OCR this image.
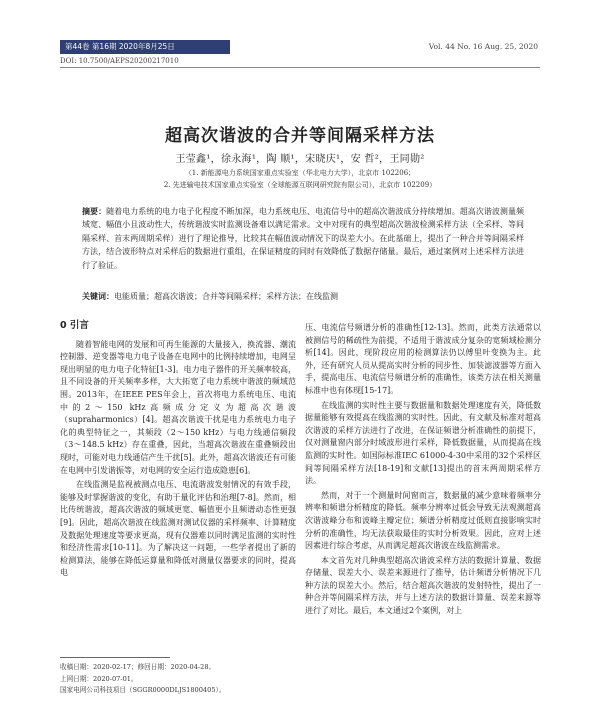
第44卷 第16期 2020年8月25日	Vol. 44 No. 16 Aug. 25, 2020
DOI: 10.7500/AEPS20200217010
超高次谐波的合并等间隔采样方法
王莹鑫¹，徐永海¹，陶 顺¹，宋晓庆¹，安 哲²，王同勋²
（1. 新能源电力系统国家重点实验室（华北电力大学），北京市 102206；
2. 先进输电技术国家重点实验室（全球能源互联网研究院有限公司），北京市 102209）
摘要：随着电力系统的电力电子化程度不断加深，电力系统电压、电流信号中的超高次谐波成分持续增加。超高次谐波测量频域宽、幅值小且波动性大，传统谐波实时监测设备难以满足需求。文中对现有的典型超高次谐波检测采样方法（全采样、等间隔采样、首末两周期采样）进行了理论推导，比较其在幅值波动情况下的误差大小。在此基础上，提出了一种合并等间隔采样方法，结合波形特点对采样后的数据进行重组，在保证精度的同时有效降低了数据存储量。最后，通过案例对上述采样方法进行了验证。
关键词：电能质量；超高次谐波；合并等间隔采样；采样方法；在线监测
0 引言

随着智能电网的发展和可再生能源的大量接入，换流器、潮流控制器、逆变器等电力电子设备在电网中的比例持续增加，电网呈现出明显的电力电子化特征[1-3]。电力电子器件的开关频率较高，且不同设备的开关频率多样，大大拓宽了电力系统中谐波的频域范围。2013年，在IEEE PES年会上，首次将电力系统电压、电流中的2～150 kHz高频成分定义为超高次谐波（supraharmonics）[4]。超高次谐波干扰是电力系统电力电子化的典型特征之一，其频段（2～150 kHz）与电力线通信频段（3～148.5 kHz）存在重叠，因此，当超高次谐波在重叠频段出现时，可能对电力线通信产生干扰[5]。此外，超高次谐波还有可能在电网中引发谐振等，对电网的安全运行造成隐患[6]。

在线监测是监视被测点电压、电流谐波发射情况的有效手段，能够及时掌握谐波的变化，有助于量化评估和治理[7-8]。然而，相比传统谐波，超高次谐波的频域更宽、幅值更小且频谱动态性更强[9]。因此，超高次谐波在线监测对测试仪器的采样频率、计算精度及数据处理速度等要求更高，现有仪器难以同时满足监测的实时性和经济性需求[10-11]。为了解决这一问题，一些学者提出了新的检测算法，能够在降低运算量和降低对测量仪器要求的同时，提高电

压、电流信号频谱分析的准确性[12-13]。然而，此类方法通常以被测信号的稀疏性为前提，不适用于谐波成分复杂的宽频域检测分析[14]。因此，现阶段应用的检测算法仍以傅里叶变换为主。此外，还有研究人员从提高实时分析的同步性、加装滤波器等方面入手，提高电压、电流信号频谱分析的准确性，该类方法在相关测量标准中也有体现[15-17]。

在线监测的实时性主要与数据量和数据处理速度有关，降低数据量能够有效提高在线监测的实时性。因此，有文献及标准对超高次谐波的采样方法进行了改进，在保证频谱分析准确性的前提下，仅对测量窗内部分时域波形进行采样，降低数据量，从而提高在线监测的实时性。如国际标准IEC 61000-4-30中采用的32个采样区间等间隔采样方法[18-19]和文献[13]提出的首末两周期采样方法。

然而，对于一个测量时间窗而言，数据量的减少意味着频率分辨率和频谱分析精度的降低。频率分辨率过低会导致无法观测超高次谐波峰分布和波峰主瓣定位；频谱分析精度过低则直接影响实时分析的准确性，均无法获取最佳的实时分析效果。因此，应对上述因素进行综合考虑，从而满足超高次谐波在线监测需求。

本文首先对几种典型超高次谐波采样方法的数据计算量、数据存储量、误差大小、误差来源进行了推导，估计频谱分析情况下几种方法的误差大小。然后，结合超高次谐波的发射特性，提出了一种合并等间隔采样方法，并与上述方法的数据计算量、误差来源等进行了对比。最后，本文通过2个案例，对上

收稿日期：2020-02-17；修回日期：2020-04-28。
上网日期：2020-07-01。
国家电网公司科技项目（SGGR0000DLJS1800405）。
